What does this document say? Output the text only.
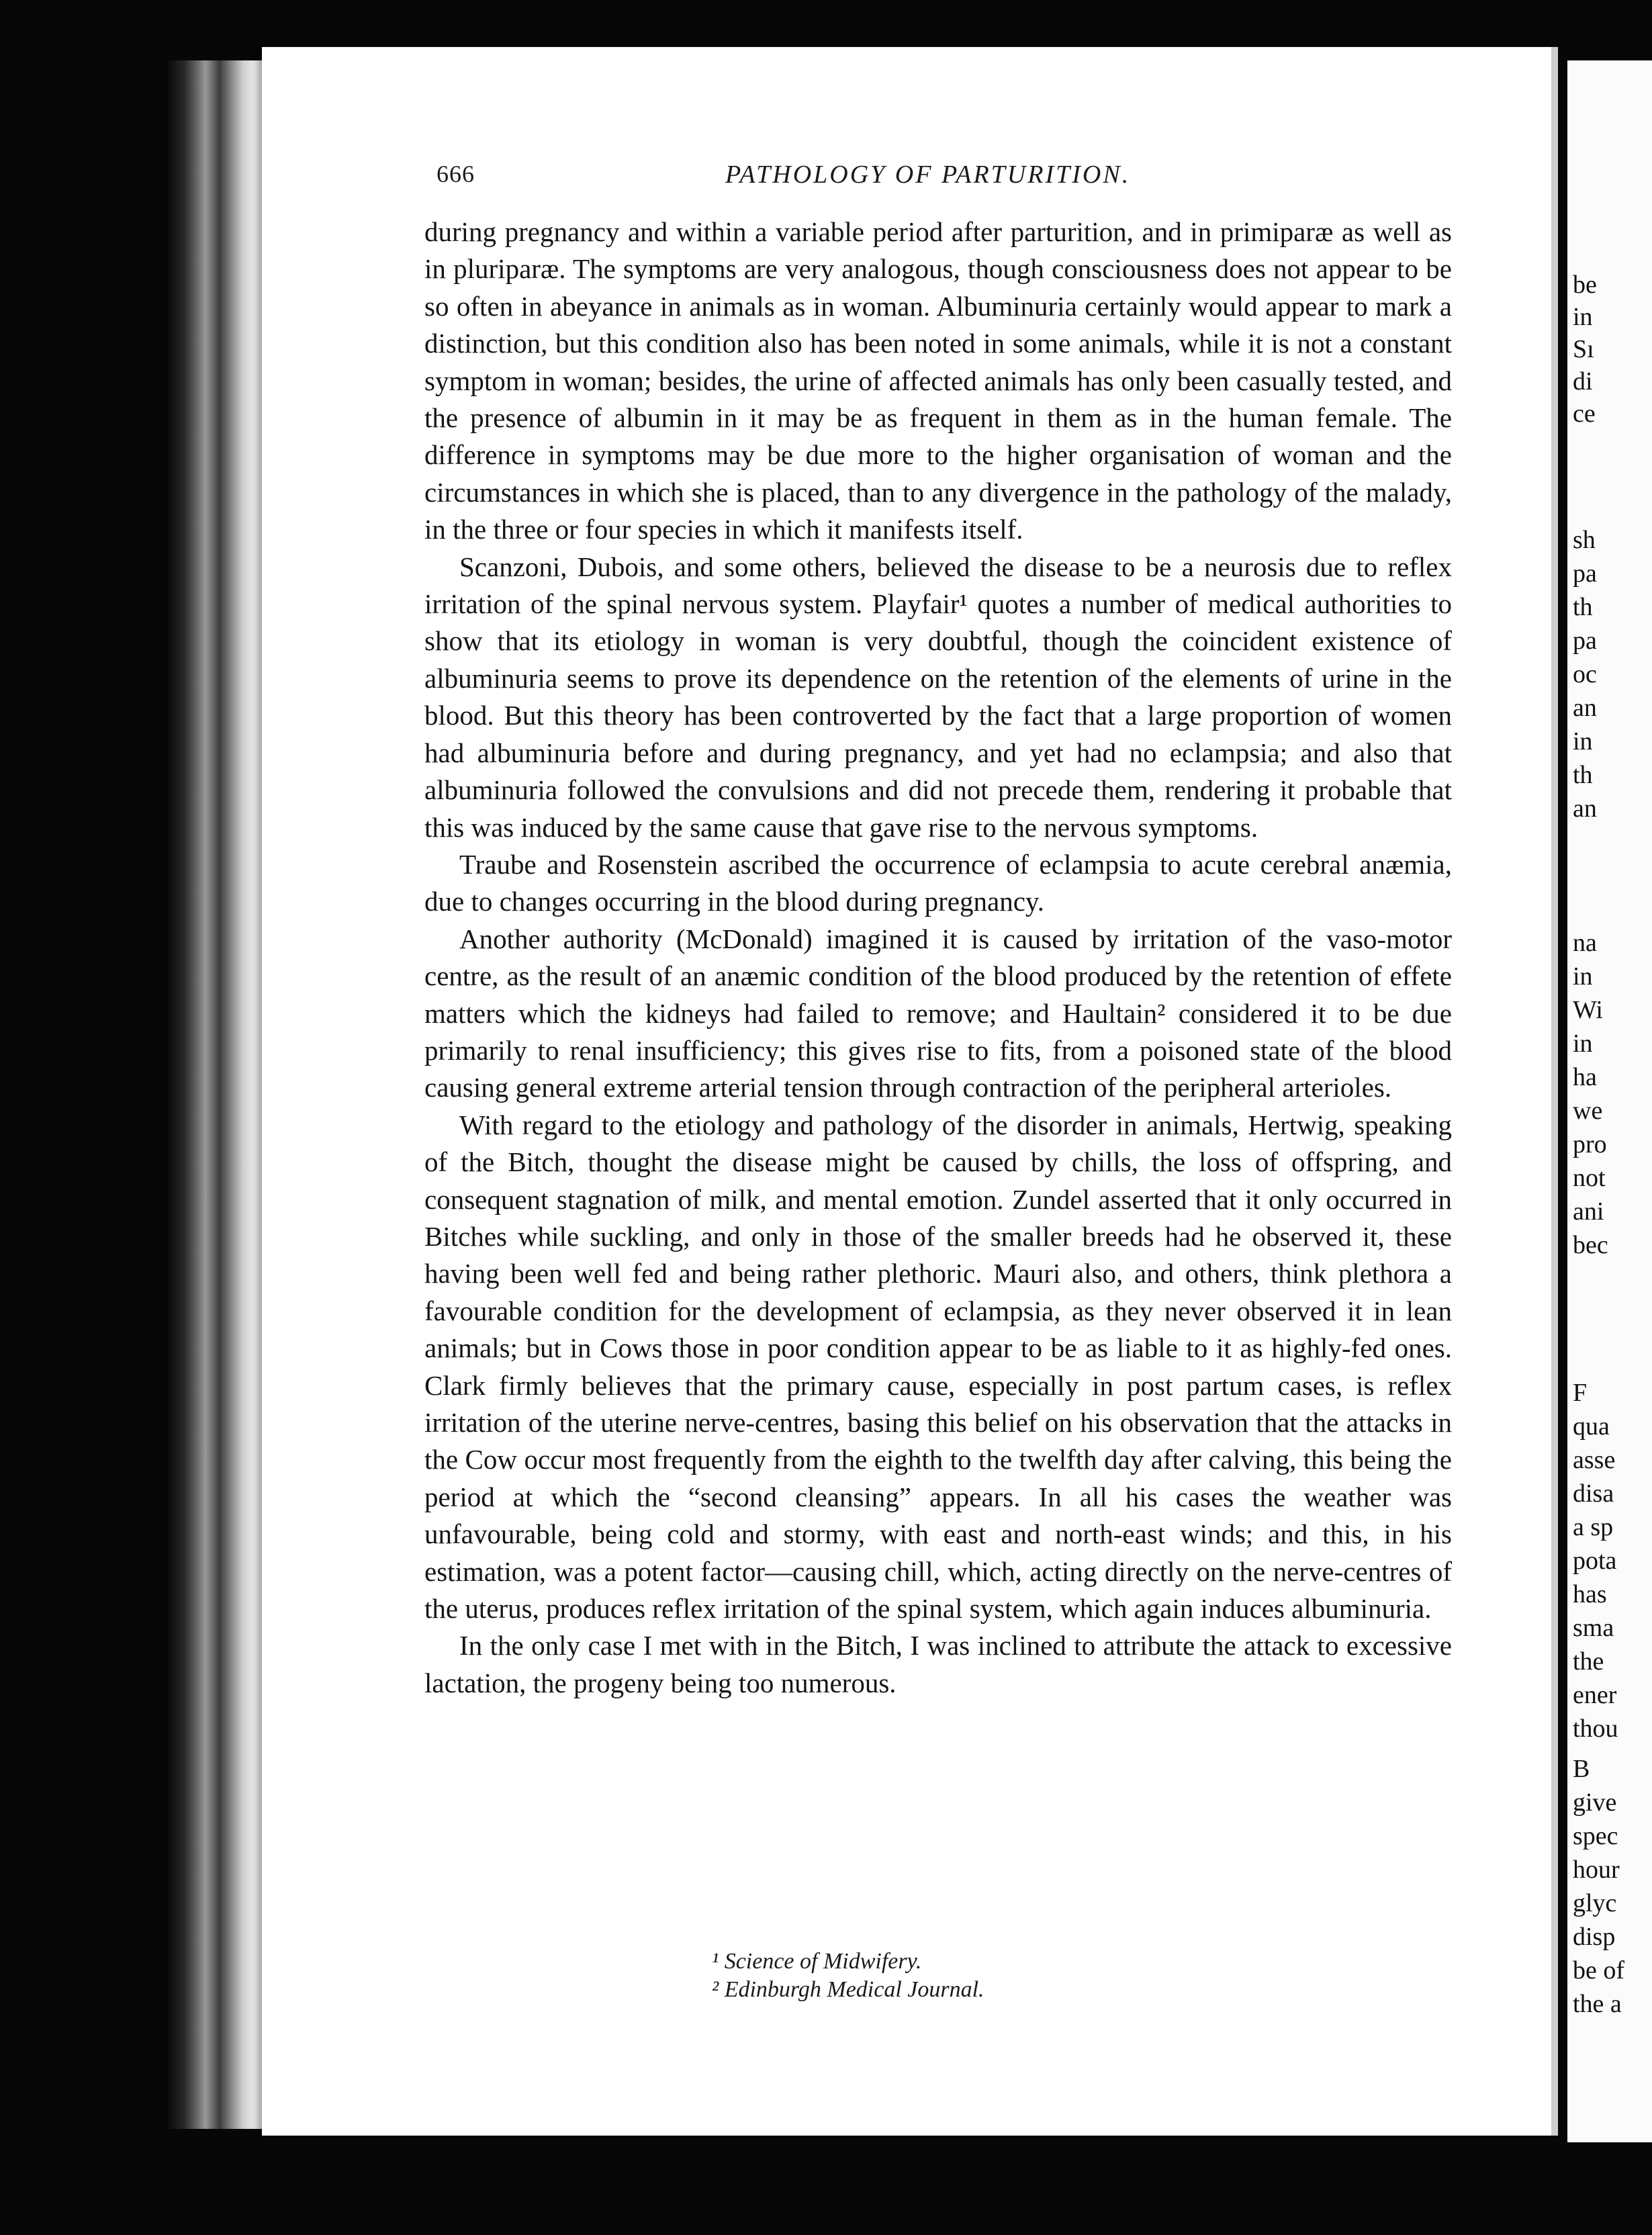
be
in
Sı
di
ce
sh
pa
th
pa
oc
an
in
th
an
na
in
Wi
in
ha
we
pro
not
ani
bec
F
qua
asse
disa
a sp
pota
has
sma
the
ener
thou
B
give
spec
hour
glyc
disp
be of
the a
666	PATHOLOGY OF PARTURITION.

during pregnancy and within a variable period after parturition, and in primiparæ as well as in pluriparæ. The symptoms are very analogous, though consciousness does not appear to be so often in abeyance in animals as in woman. Albuminuria certainly would appear to mark a distinction, but this condition also has been noted in some animals, while it is not a constant symptom in woman; besides, the urine of affected animals has only been casually tested, and the presence of albumin in it may be as frequent in them as in the human female. The difference in symptoms may be due more to the higher organisation of woman and the circumstances in which she is placed, than to any divergence in the pathology of the malady, in the three or four species in which it manifests itself.

Scanzoni, Dubois, and some others, believed the disease to be a neurosis due to reflex irritation of the spinal nervous system. Playfair¹ quotes a number of medical authorities to show that its etiology in woman is very doubtful, though the coincident existence of albuminuria seems to prove its dependence on the retention of the elements of urine in the blood. But this theory has been controverted by the fact that a large proportion of women had albuminuria before and during pregnancy, and yet had no eclampsia; and also that albuminuria followed the convulsions and did not precede them, rendering it probable that this was induced by the same cause that gave rise to the nervous symptoms.

Traube and Rosenstein ascribed the occurrence of eclampsia to acute cerebral anæmia, due to changes occurring in the blood during pregnancy.

Another authority (McDonald) imagined it is caused by irritation of the vaso-motor centre, as the result of an anæmic condition of the blood produced by the retention of effete matters which the kidneys had failed to remove; and Haultain² considered it to be due primarily to renal insufficiency; this gives rise to fits, from a poisoned state of the blood causing general extreme arterial tension through contraction of the peripheral arterioles.

With regard to the etiology and pathology of the disorder in animals, Hertwig, speaking of the Bitch, thought the disease might be caused by chills, the loss of offspring, and consequent stagnation of milk, and mental emotion. Zundel asserted that it only occurred in Bitches while suckling, and only in those of the smaller breeds had he observed it, these having been well fed and being rather plethoric. Mauri also, and others, think plethora a favourable condition for the development of eclampsia, as they never observed it in lean animals; but in Cows those in poor condition appear to be as liable to it as highly-fed ones. Clark firmly believes that the primary cause, especially in post partum cases, is reflex irritation of the uterine nerve-centres, basing this belief on his observation that the attacks in the Cow occur most frequently from the eighth to the twelfth day after calving, this being the period at which the “second cleansing” appears. In all his cases the weather was unfavourable, being cold and stormy, with east and north-east winds; and this, in his estimation, was a potent factor—causing chill, which, acting directly on the nerve-centres of the uterus, produces reflex irritation of the spinal system, which again induces albuminuria.

In the only case I met with in the Bitch, I was inclined to attribute the attack to excessive lactation, the progeny being too numerous.

¹ Science of Midwifery.
² Edinburgh Medical Journal.
